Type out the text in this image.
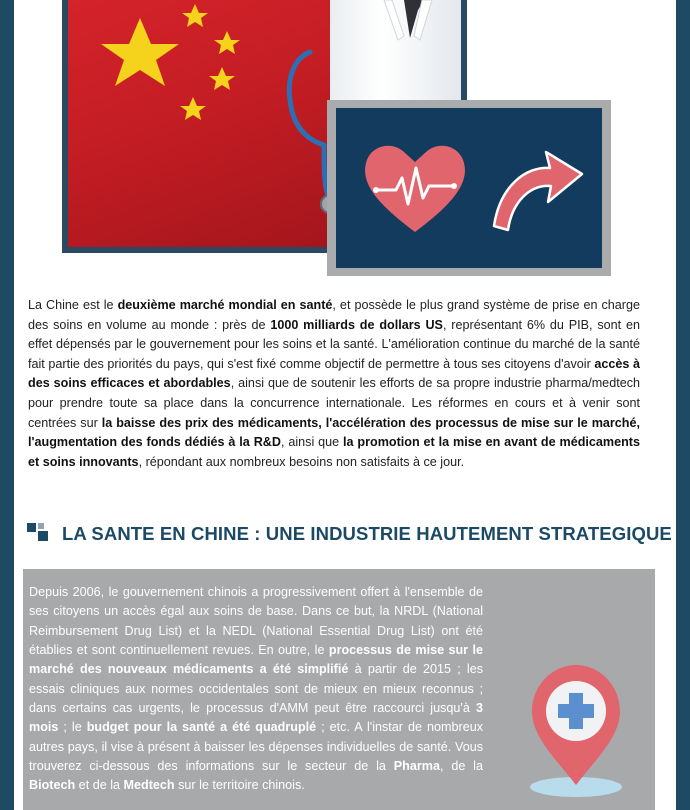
La Chine est le deuxième marché mondial en santé, et possède le plus grand système de prise en charge des soins en volume au monde : près de 1000 milliards de dollars US, représentant 6% du PIB, sont en effet dépensés par le gouvernement pour les soins et la santé. L'amélioration continue du marché de la santé fait partie des priorités du pays, qui s'est fixé comme objectif de permettre à tous ses citoyens d'avoir accès à des soins efficaces et abordables, ainsi que de soutenir les efforts de sa propre industrie pharma/medtech pour prendre toute sa place dans la concurrence internationale. Les réformes en cours et à venir sont centrées sur la baisse des prix des médicaments, l'accélération des processus de mise sur le marché, l'augmentation des fonds dédiés à la R&D, ainsi que la promotion et la mise en avant de médicaments et soins innovants, répondant aux nombreux besoins non satisfaits à ce jour.

LA SANTE EN CHINE : UNE INDUSTRIE HAUTEMENT STRATEGIQUE

Depuis 2006, le gouvernement chinois a progressivement offert à l'ensemble de ses citoyens un accès égal aux soins de base. Dans ce but, la NRDL (National Reimbursement Drug List) et la NEDL (National Essential Drug List) ont été établies et sont continuellement revues. En outre, le processus de mise sur le marché des nouveaux médicaments a été simplifié à partir de 2015 ; les essais cliniques aux normes occidentales sont de mieux en mieux reconnus ; dans certains cas urgents, le processus d'AMM peut être raccourci jusqu'à 3 mois ; le budget pour la santé a été quadruplé ; etc. A l'instar de nombreux autres pays, il vise à présent à baisser les dépenses individuelles de santé. Vous trouverez ci-dessous des informations sur le secteur de la Pharma, de la Biotech et de la Medtech sur le territoire chinois.
